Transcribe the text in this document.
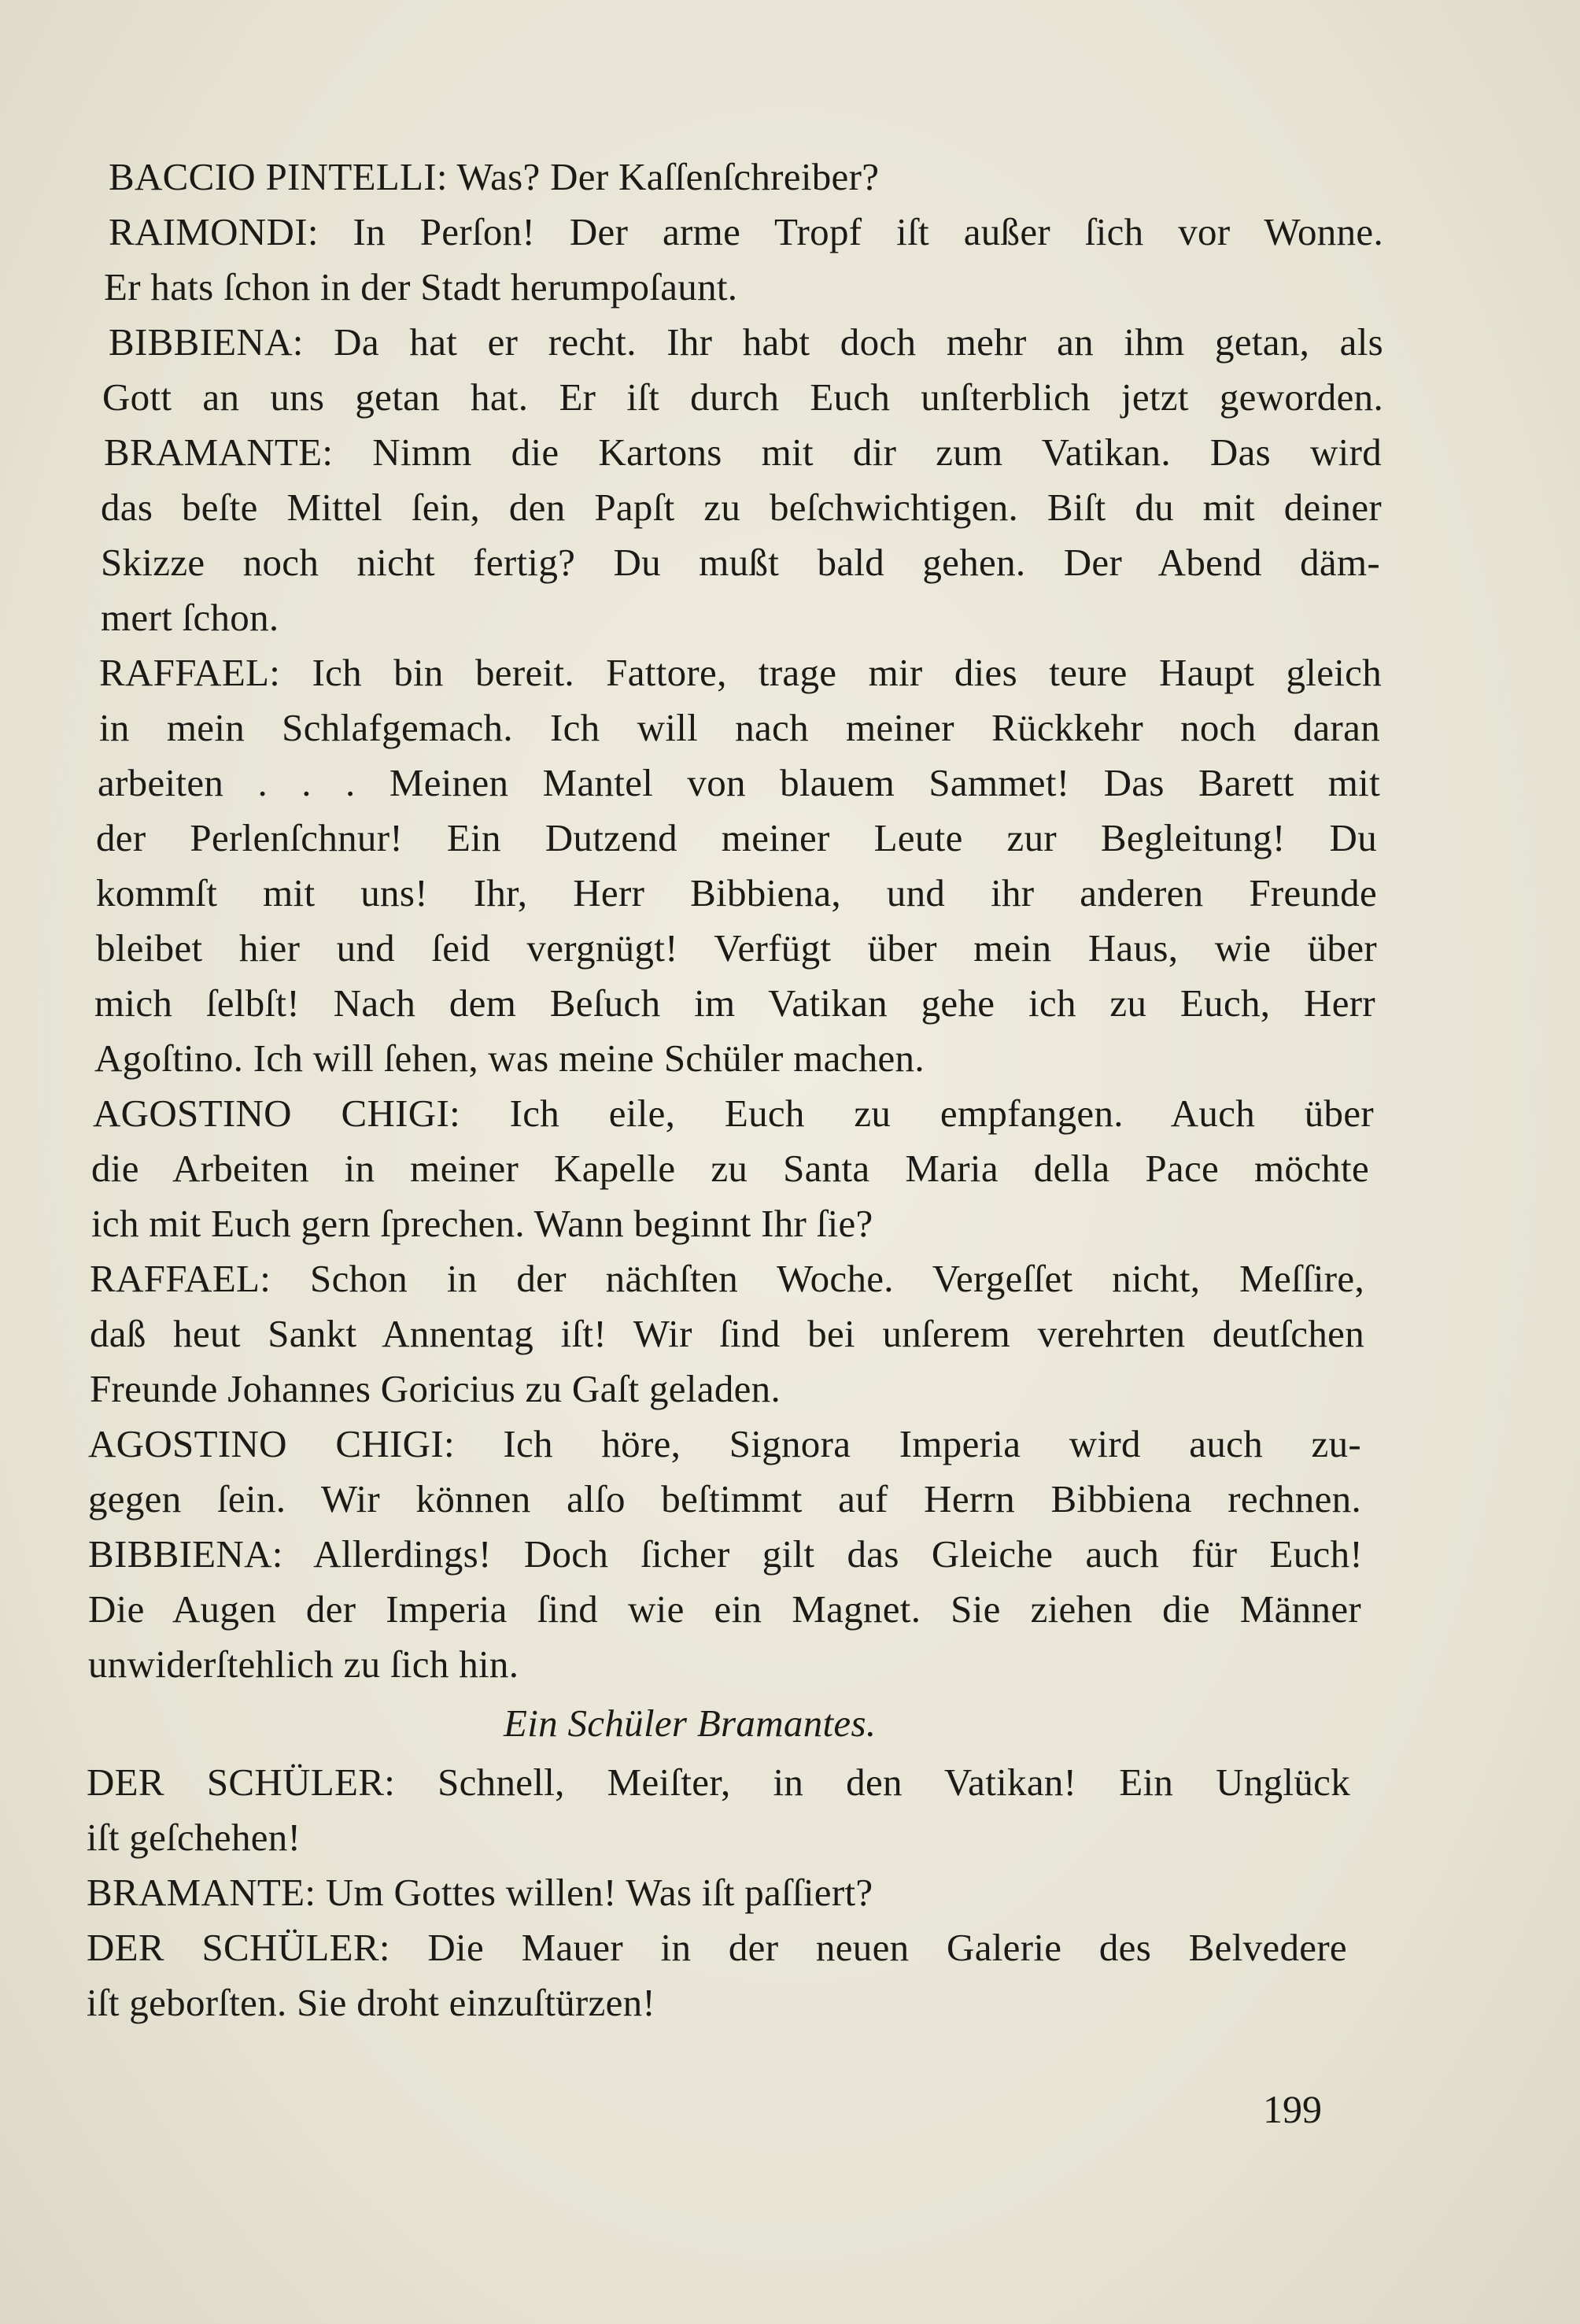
BACCIO PINTELLI: Was? Der Kaſſenſchreiber?
RAIMONDI: In Perſon! Der arme Tropf iſt außer ſich vor Wonne.
Er hats ſchon in der Stadt herumpoſaunt.
BIBBIENA: Da hat er recht. Ihr habt doch mehr an ihm getan, als
Gott an uns getan hat. Er iſt durch Euch unſterblich jetzt geworden.
BRAMANTE: Nimm die Kartons mit dir zum Vatikan. Das wird
das beſte Mittel ſein, den Papſt zu beſchwichtigen. Biſt du mit deiner
Skizze noch nicht fertig? Du mußt bald gehen. Der Abend däm-
mert ſchon.
RAFFAEL: Ich bin bereit. Fattore, trage mir dies teure Haupt gleich
in mein Schlafgemach. Ich will nach meiner Rückkehr noch daran
arbeiten . . . Meinen Mantel von blauem Sammet! Das Barett mit
der Perlenſchnur! Ein Dutzend meiner Leute zur Begleitung! Du
kommſt mit uns! Ihr, Herr Bibbiena, und ihr anderen Freunde
bleibet hier und ſeid vergnügt! Verfügt über mein Haus, wie über
mich ſelbſt! Nach dem Beſuch im Vatikan gehe ich zu Euch, Herr
Agoſtino. Ich will ſehen, was meine Schüler machen.
AGOSTINO CHIGI: Ich eile, Euch zu empfangen. Auch über
die Arbeiten in meiner Kapelle zu Santa Maria della Pace möchte
ich mit Euch gern ſprechen. Wann beginnt Ihr ſie?
RAFFAEL: Schon in der nächſten Woche. Vergeſſet nicht, Meſſire,
daß heut Sankt Annentag iſt! Wir ſind bei unſerem verehrten deutſchen
Freunde Johannes Goricius zu Gaſt geladen.
AGOSTINO CHIGI: Ich höre, Signora Imperia wird auch zu-
gegen ſein. Wir können alſo beſtimmt auf Herrn Bibbiena rechnen.
BIBBIENA: Allerdings! Doch ſicher gilt das Gleiche auch für Euch!
Die Augen der Imperia ſind wie ein Magnet. Sie ziehen die Männer
unwiderſtehlich zu ſich hin.
Ein Schüler Bramantes.
DER SCHÜLER: Schnell, Meiſter, in den Vatikan! Ein Unglück
iſt geſchehen!
BRAMANTE: Um Gottes willen! Was iſt paſſiert?
DER SCHÜLER: Die Mauer in der neuen Galerie des Belvedere
iſt geborſten. Sie droht einzuſtürzen!
199
